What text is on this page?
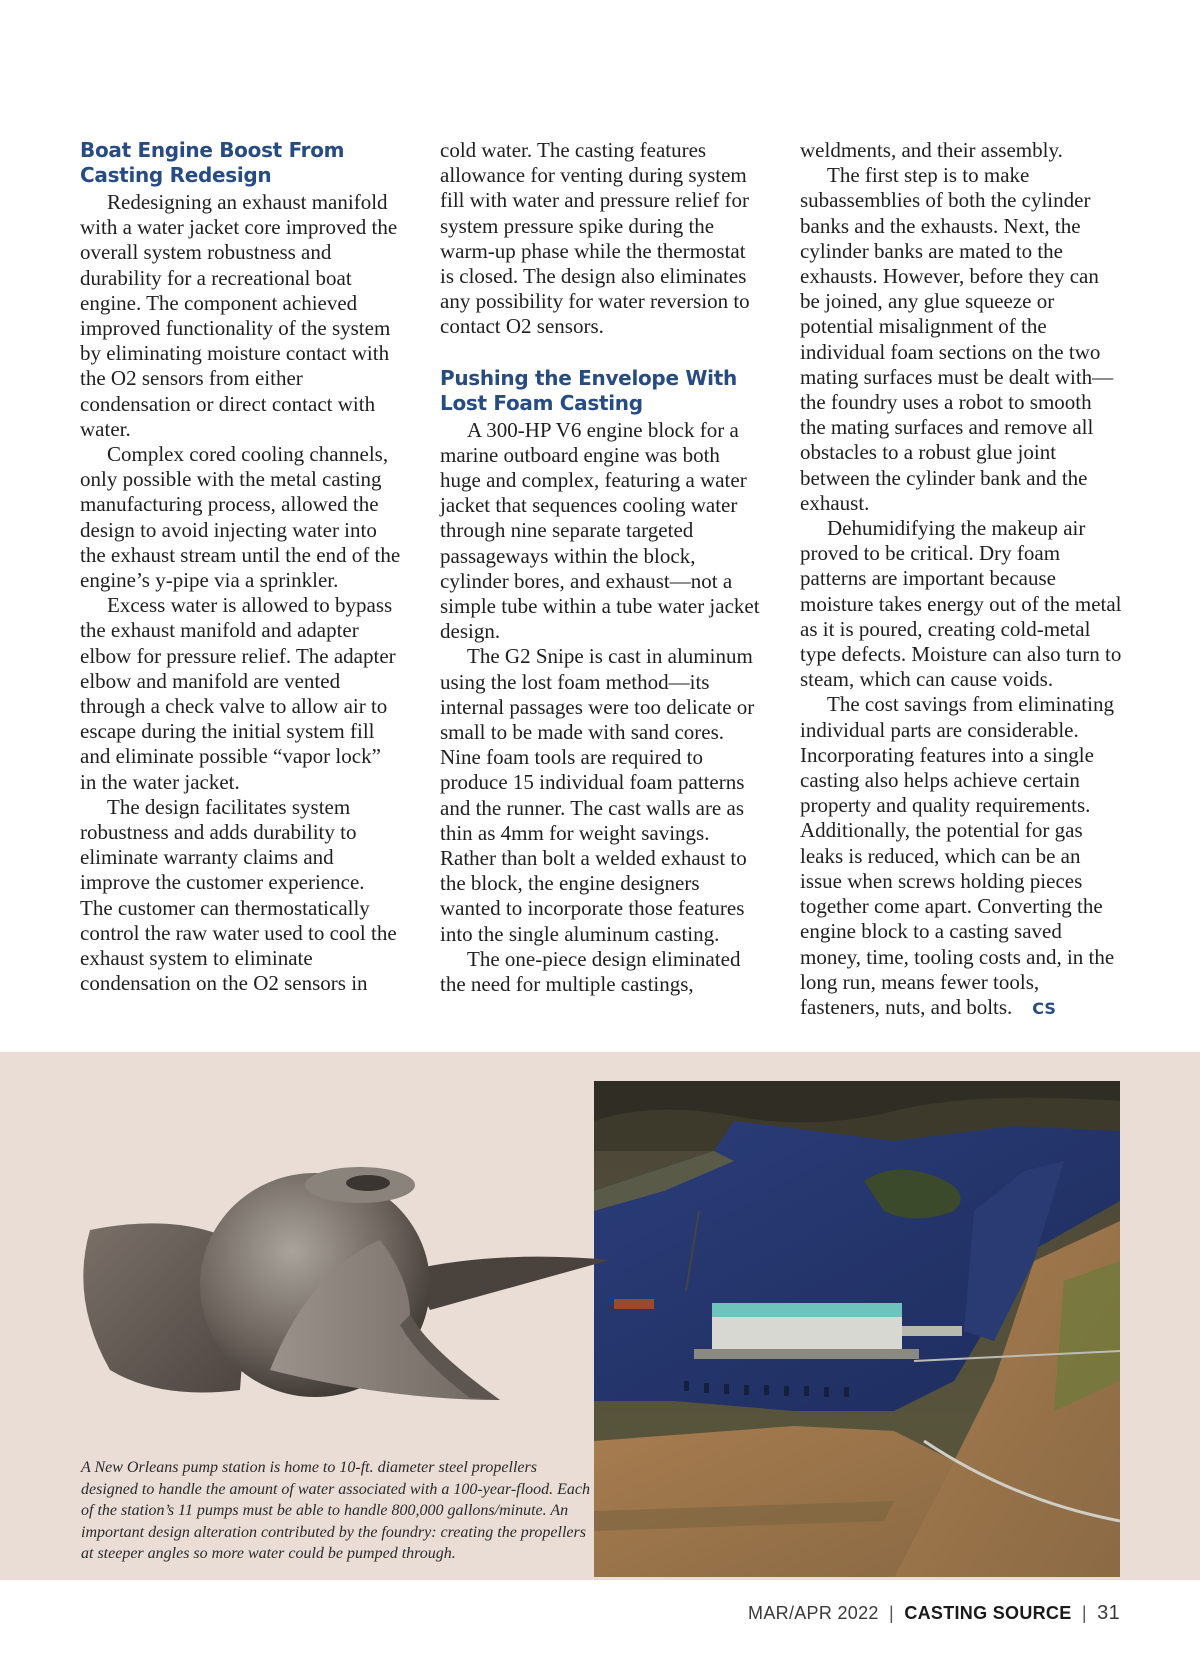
Boat Engine Boost From Casting Redesign

Redesigning an exhaust manifold with a water jacket core improved the overall system robustness and durability for a recreational boat engine. The component achieved improved functionality of the system by eliminating moisture contact with the O2 sensors from either condensation or direct contact with water.

Complex cored cooling channels, only possible with the metal casting manufacturing process, allowed the design to avoid injecting water into the exhaust stream until the end of the engine’s y-pipe via a sprinkler.

Excess water is allowed to bypass the exhaust manifold and adapter elbow for pressure relief. The adapter elbow and manifold are vented through a check valve to allow air to escape during the initial system fill and eliminate possible “vapor lock” in the water jacket.

The design facilitates system robustness and adds durability to eliminate warranty claims and improve the customer experience. The customer can thermostatically control the raw water used to cool the exhaust system to eliminate condensation on the O2 sensors in

cold water. The casting features allowance for venting during system fill with water and pressure relief for system pressure spike during the warm-up phase while the thermostat is closed. The design also eliminates any possibility for water reversion to contact O2 sensors.

Pushing the Envelope With Lost Foam Casting

A 300-HP V6 engine block for a marine outboard engine was both huge and complex, featuring a water jacket that sequences cooling water through nine separate targeted passageways within the block, cylinder bores, and exhaust—not a simple tube within a tube water jacket design.

The G2 Snipe is cast in aluminum using the lost foam method—its internal passages were too delicate or small to be made with sand cores. Nine foam tools are required to produce 15 individual foam patterns and the runner. The cast walls are as thin as 4mm for weight savings. Rather than bolt a welded exhaust to the block, the engine designers wanted to incorporate those features into the single aluminum casting.

The one-piece design eliminated the need for multiple castings,

weldments, and their assembly.

The first step is to make subassemblies of both the cylinder banks and the exhausts. Next, the cylinder banks are mated to the exhausts. However, before they can be joined, any glue squeeze or potential misalignment of the individual foam sections on the two mating surfaces must be dealt with—the foundry uses a robot to smooth the mating surfaces and remove all obstacles to a robust glue joint between the cylinder bank and the exhaust.

Dehumidifying the makeup air proved to be critical. Dry foam patterns are important because moisture takes energy out of the metal as it is poured, creating cold-metal type defects. Moisture can also turn to steam, which can cause voids.

The cost savings from eliminating individual parts are considerable. Incorporating features into a single casting also helps achieve certain property and quality requirements. Additionally, the potential for gas leaks is reduced, which can be an issue when screws holding pieces together come apart. Converting the engine block to a casting saved money, time, tooling costs and, in the long run, means fewer tools, fasteners, nuts, and bolts. CS

A New Orleans pump station is home to 10-ft. diameter steel propellers designed to handle the amount of water associated with a 100-year-flood. Each of the station’s 11 pumps must be able to handle 800,000 gallons/minute. An important design alteration contributed by the foundry: creating the propellers at steeper angles so more water could be pumped through.

MAR/APR 2022 | CASTING SOURCE | 31
